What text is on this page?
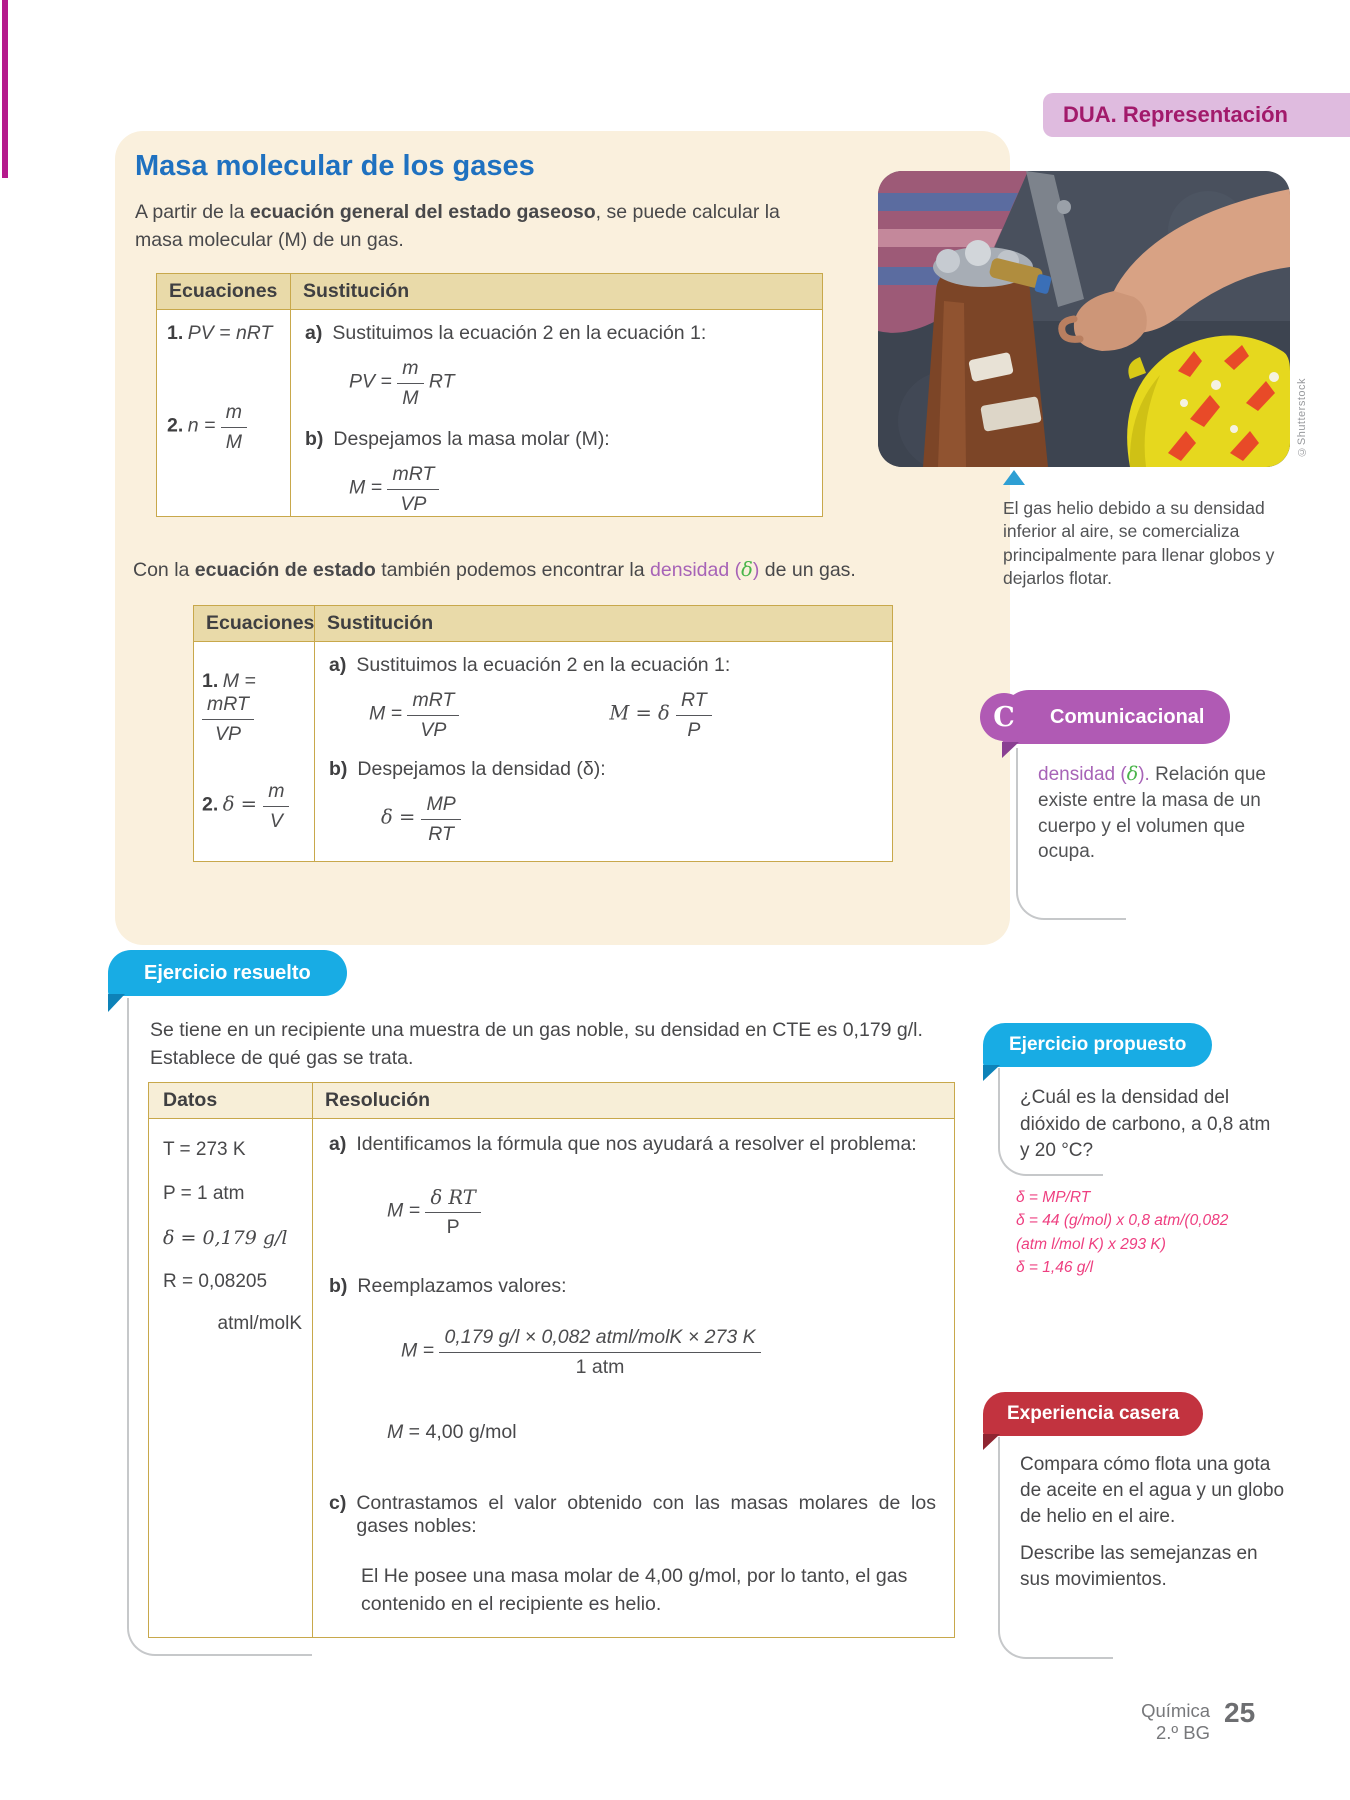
DUA. Representación
Masa molecular de los gases
A partir de la ecuación general del estado gaseoso, se puede calcular la masa molecular (M) de un gas.
Ecuaciones	Sustitución
1. PV = nRT
2. $n = \frac{m}{M}$
a) Sustituimos la ecuación 2 en la ecuación 1:
PV = $\frac{m}{M}$ RT
b) Despejamos la masa molar (M):
$M = \frac{\text{mRT}}{VP}$
Con la ecuación de estado también podemos encontrar la densidad (δ) de un gas.
Ecuaciones Sustitución
1. M =
$\frac{\text{mRT}}{VP}$
2. $\delta = \frac{m}{V}$
a) Sustituimos la ecuación 2 en la ecuación 1:
$M = \frac{\text{mRT}}{VP}$	M = δ $\frac{RT}{P}$
b) Despejamos la densidad (δ):
$\delta = \frac{MP}{RT}$
©Shutterstock
El gas helio debido a su densidad inferior al aire, se comercializa principalmente para llenar globos y dejarlos flotar.
Comunicacional
C
densidad (δ). Relación que existe entre la masa de un cuerpo y el volumen que ocupa.
Ejercicio resuelto
Se tiene en un recipiente una muestra de un gas noble, su densidad en CTE es 0,179 g/l. Establece de qué gas se trata.
Datos	Resolución
T = 273 K
P = 1 atm
δ = 0,179 g/l
R = 0,08205
atml/molK
a) Identificamos la fórmula que nos ayudará a resolver el problema:
$M = \frac{\text{δ RT}}{P}$
b) Reemplazamos valores:
$M = \frac{\text{0,179 g/l × 0,082 atml/molK × 273 K}}{\text{1 atm}}$
M = 4,00 g/mol
c) Contrastamos el valor obtenido con las masas molares de los gases nobles:
El He posee una masa molar de 4,00 g/mol, por lo tanto, el gas contenido en el recipiente es helio.
Ejercicio propuesto
¿Cuál es la densidad del dióxido de carbono, a 0,8 atm y 20 °C?
δ = MP/RT
δ = 44 (g/mol) x 0,8 atm/(0,082
(atm l/mol K) x 293 K)
δ = 1,46 g/l
Experiencia casera

Compara cómo flota una gota de aceite en el agua y un globo de helio en el aire.

Describe las semejanzas en sus movimientos.

Química
2.º BG
25
